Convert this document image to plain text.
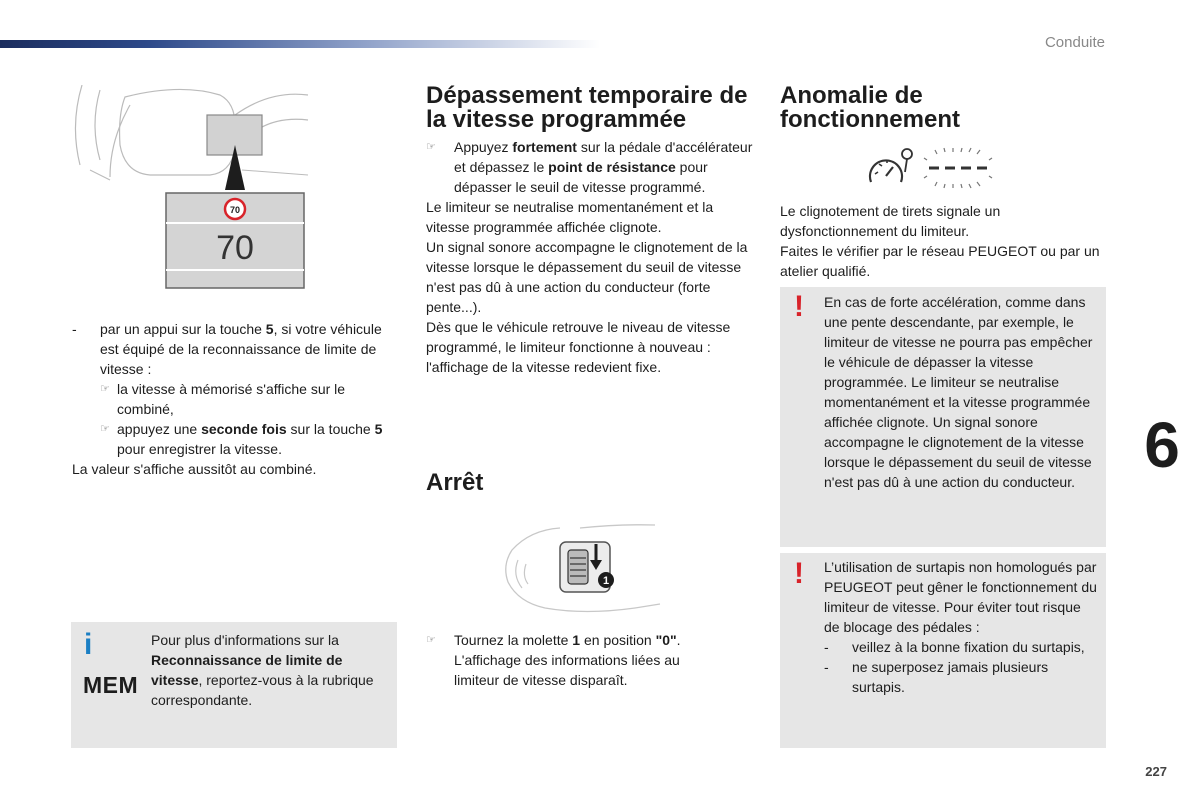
Conduite
227
6
70
70
- par un appui sur la touche 5, si votre véhicule est équipé de la reconnaissance de limite de vitesse :
☞ la vitesse à mémorisé s'affiche sur le combiné,
☞ appuyez une seconde fois sur la touche 5 pour enregistrer la vitesse.
La valeur s'affiche aussitôt au combiné.
i
MEM
Pour plus d'informations sur la Reconnaissance de limite de vitesse, reportez-vous à la rubrique correspondante.
Dépassement temporaire de la vitesse programmée
☞ Appuyez fortement sur la pédale d'accélérateur et dépassez le point de résistance pour dépasser le seuil de vitesse programmé.
Le limiteur se neutralise momentanément et la vitesse programmée affichée clignote.
Un signal sonore accompagne le clignotement de la vitesse lorsque le dépassement du seuil de vitesse n'est pas dû à une action du conducteur (forte pente...).
Dès que le véhicule retrouve le niveau de vitesse programmé, le limiteur fonctionne à nouveau : l'affichage de la vitesse redevient fixe.
Arrêt
1
☞ Tournez la molette 1 en position "0". L'affichage des informations liées au limiteur de vitesse disparaît.
Anomalie de fonctionnement
Le clignotement de tirets signale un dysfonctionnement du limiteur.
Faites le vérifier par le réseau PEUGEOT ou par un atelier qualifié.
! En cas de forte accélération, comme dans une pente descendante, par exemple, le limiteur de vitesse ne pourra pas empêcher le véhicule de dépasser la vitesse programmée. Le limiteur se neutralise momentanément et la vitesse programmée affichée clignote. Un signal sonore accompagne le clignotement de la vitesse lorsque le dépassement du seuil de vitesse n'est pas dû à une action du conducteur.
! L’utilisation de surtapis non homologués par PEUGEOT peut gêner le fonctionnement du limiteur de vitesse. Pour éviter tout risque de blocage des pédales :
- veillez à la bonne fixation du surtapis,
- ne superposez jamais plusieurs surtapis.
